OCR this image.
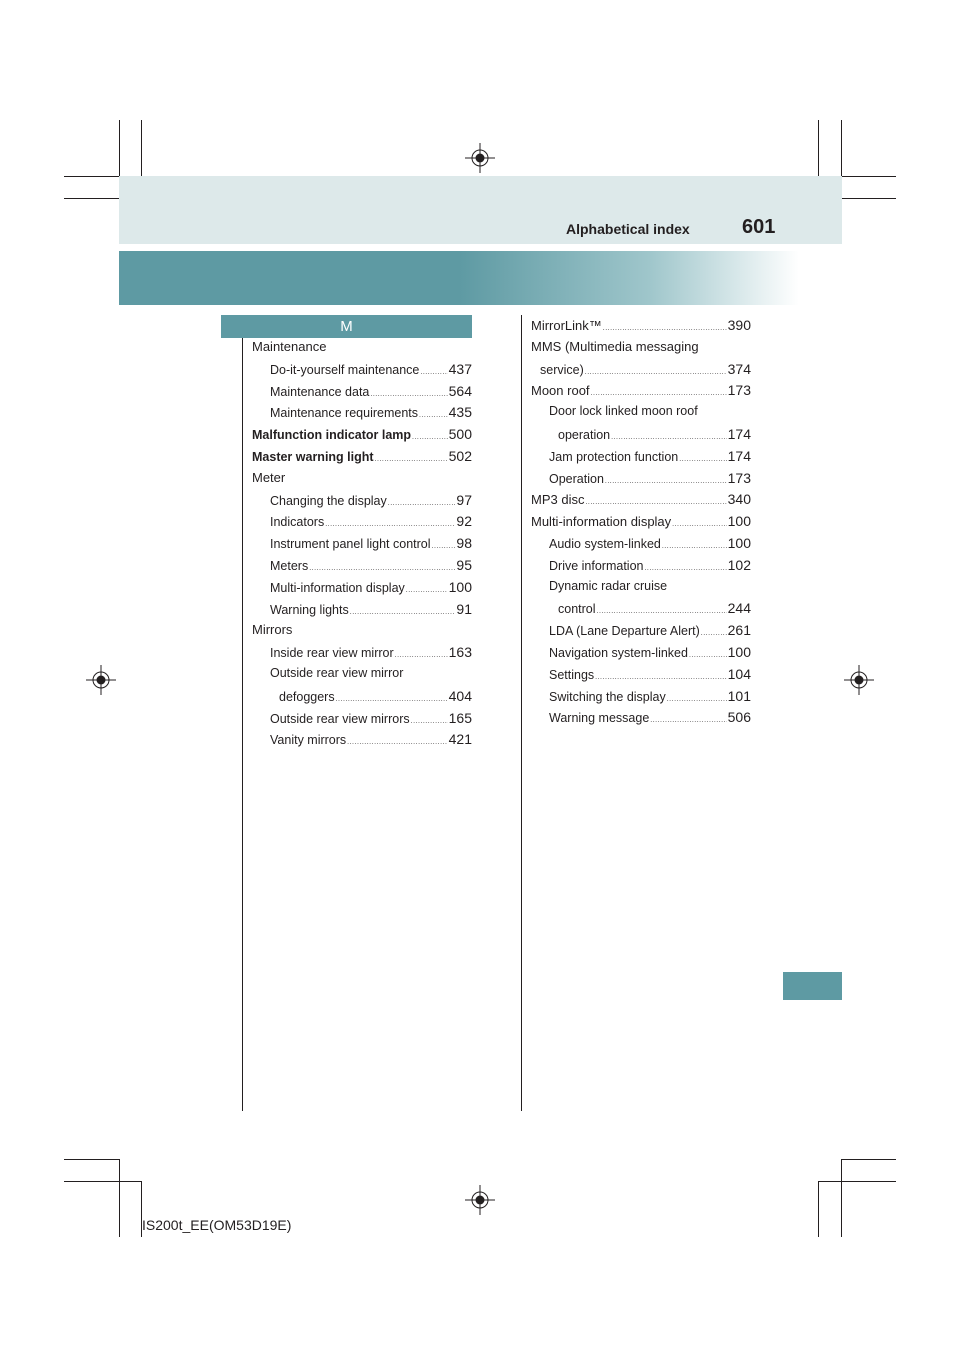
Alphabetical index	601
M
Maintenance
Do-it-yourself maintenance ..... 437
Maintenance data .....	564
Maintenance requirements ..... 435
Malfunction indicator lamp .....	500
Master warning light .....	502
Meter
Changing the display .....	97
Indicators .....	92
Instrument panel light control ..... 98
Meters .....	95
Multi-information display .....	100
Warning lights .....	91
Mirrors
Inside rear view mirror .....	163
Outside rear view mirror
defoggers .....	404
Outside rear view mirrors .....	165
Vanity mirrors .....	421
MirrorLink™ .....	390
MMS (Multimedia messaging
service) .....	374
Moon roof .....	173
Door lock linked moon roof
operation .....	174
Jam protection function .....	174
Operation .....	173
MP3 disc .....	340
Multi-information display .....	100
Audio system-linked .....	100
Drive information .....	102
Dynamic radar cruise
control .....	244
LDA (Lane Departure Alert) ..... 261
Navigation system-linked .....	100
Settings .....	104
Switching the display .....	101
Warning message .....	506
IS200t_EE(OM53D19E)
